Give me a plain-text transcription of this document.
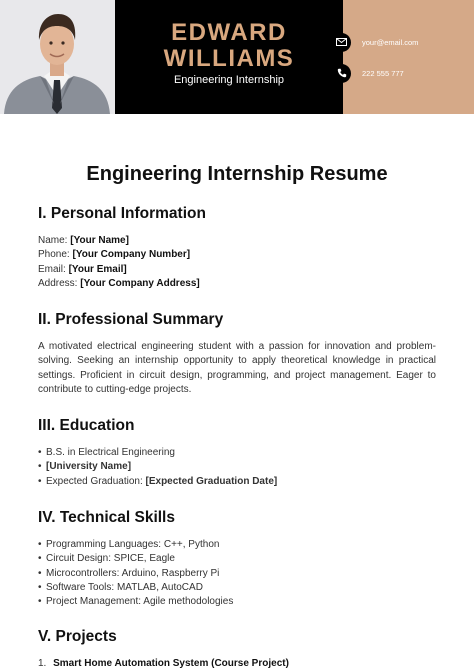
EDWARD
WILLIAMS
Engineering Internship
your@email.com
222 555 777
Engineering Internship Resume
I. Personal Information
Name: [Your Name]
Phone: [Your Company Number]
Email: [Your Email]
Address: [Your Company Address]
II. Professional Summary
A motivated electrical engineering student with a passion for innovation and problem-solving. Seeking an internship opportunity to apply theoretical knowledge in practical settings. Proficient in circuit design, programming, and project management. Eager to contribute to cutting-edge projects.
III. Education
• B.S. in Electrical Engineering
• [University Name]
• Expected Graduation: [Expected Graduation Date]
IV. Technical Skills
• Programming Languages: C++, Python
• Circuit Design: SPICE, Eagle
• Microcontrollers: Arduino, Raspberry Pi
• Software Tools: MATLAB, AutoCAD
• Project Management: Agile methodologies
V. Projects
1. Smart Home Automation System (Course Project)
